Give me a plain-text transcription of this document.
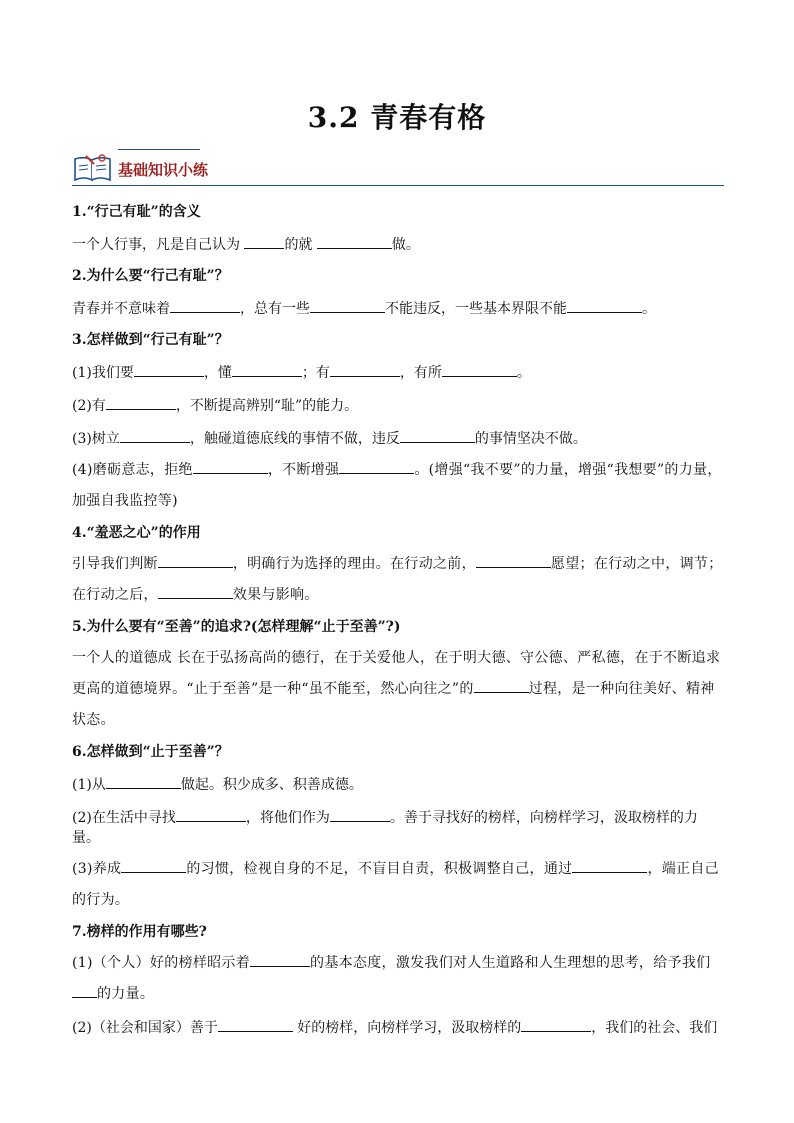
3.2 青春有格
基础知识小练
1.“行己有耻”的含义
一个人行事，凡是自己认为	的就	做。
2.为什么要“行己有耻”？
青春并不意味着	，总有一些	不能违反，一些基本界限不能	。
3.怎样做到“行己有耻”？
(1)我们要	，懂	；有	，有所	。
(2)有	，不断提高辨别“耻”的能力。
(3)树立	，触碰道德底线的事情不做，违反	的事情坚决不做。
(4)磨砺意志，拒绝	，不断增强	。(增强“我不要”的力量，增强“我想要”的力量，加强自我监控等)
4.“羞恶之心”的作用
引导我们判断	，明确行为选择的理由。在行动之前，	愿望；在行动之中，调节；在行动之后，	效果与影响。
5.为什么要有“至善”的追求?(怎样理解“止于至善”?)
一个人的道德成 长在于弘扬高尚的德行，在于关爱他人，在于明大德、守公德、严私德，在于不断追求更高的道德境界。“止于至善”是一种“虽不能至，然心向往之”的	过程，是一种向往美好、精神状态。
6.怎样做到“止于至善”？
(1)从	做起。积少成多、积善成德。
(2)在生活中寻找	，将他们作为	。善于寻找好的榜样，向榜样学习，汲取榜样的力量。
(3)养成	的习惯，检视自身的不足，不盲目自责，积极调整自己，通过	，端正自己的行为。
7.榜样的作用有哪些?
(1)（个人）好的榜样昭示着	的基本态度，激发我们对人生道路和人生理想的思考，给予我们的力量。
(2)（社会和国家）善于	好的榜样，向榜样学习，汲取榜样的	，我们的社会、我们
